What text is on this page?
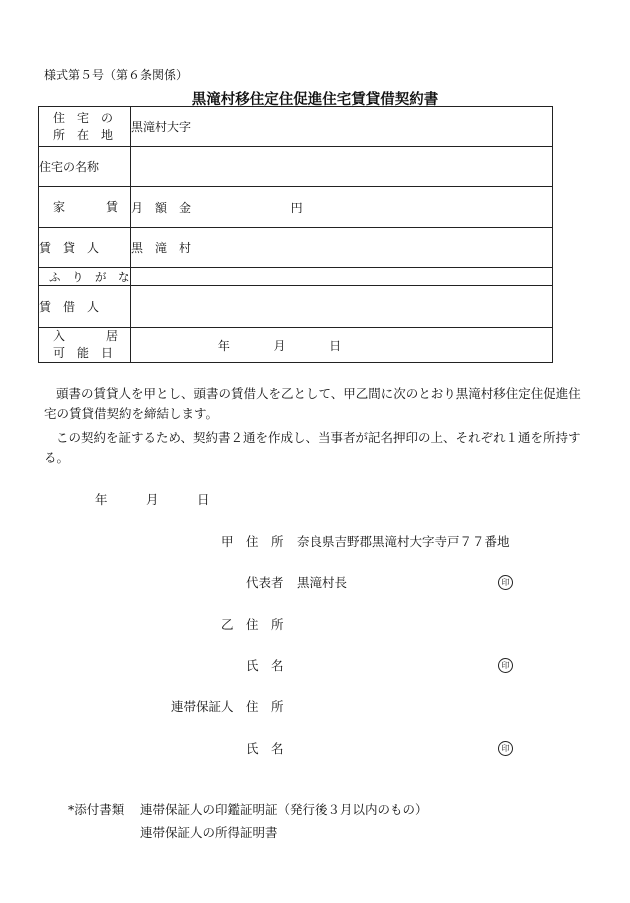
様式第５号（第６条関係）
黒滝村移住定住促進住宅賃貸借契約書
住　宅　の
所　在　地	黒滝村大字
住宅の名称	

家 賃	月　額　金 円
賃　貸　人	黒　滝　村
ふ　り　が　な	
賃　借　人	

入 居
可　能　日	年 月 日
頭書の賃貸人を甲とし、頭書の賃借人を乙として、甲乙間に次のとおり黒滝村移住定住促進住宅の賃貸借契約を締結します。
この契約を証するため、契約書２通を作成し、当事者が記名押印の上、それぞれ１通を所持する。
年	月	日
甲 住　所 奈良県吉野郡黒滝村大字寺戸７７番地
代表者 黒滝村長	印
乙 住　所
氏　名	印
連帯保証人 住　所
氏　名	印
*添付書類 連帯保証人の印鑑証明証（発行後３月以内のもの）
連帯保証人の所得証明書
